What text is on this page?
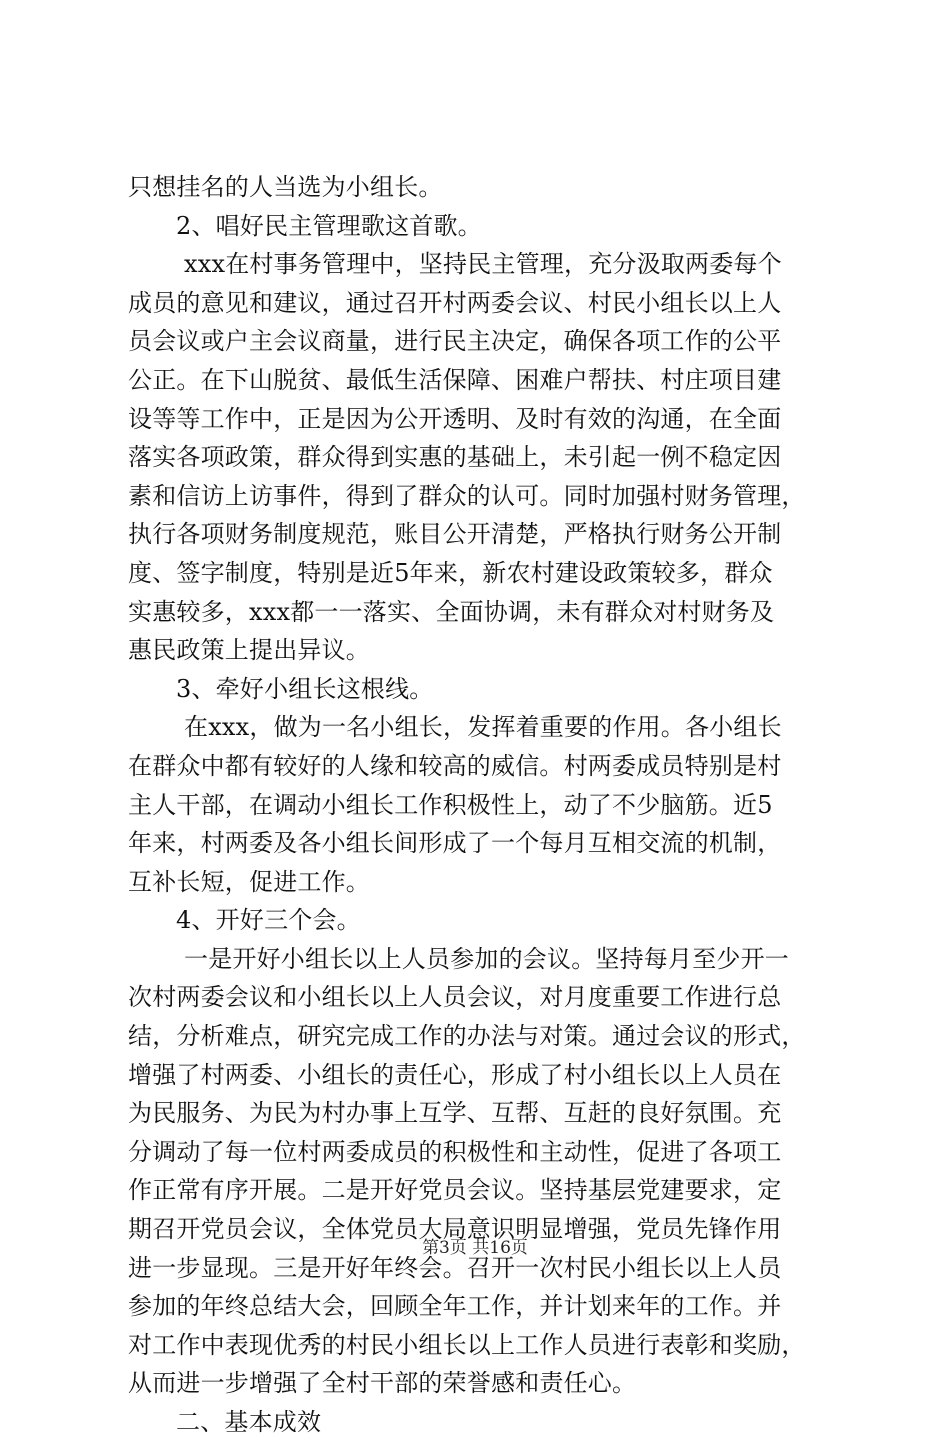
只想挂名的人当选为小组长。
2、唱好民主管理歌这首歌。
xxx在村事务管理中，坚持民主管理，充分汲取两委每个
成员的意见和建议，通过召开村两委会议、村民小组长以上人
员会议或户主会议商量，进行民主决定，确保各项工作的公平
公正。在下山脱贫、最低生活保障、困难户帮扶、村庄项目建
设等等工作中，正是因为公开透明、及时有效的沟通，在全面
落实各项政策，群众得到实惠的基础上，未引起一例不稳定因
素和信访上访事件，得到了群众的认可。同时加强村财务管理，
执行各项财务制度规范，账目公开清楚，严格执行财务公开制
度、签字制度，特别是近5年来，新农村建设政策较多，群众
实惠较多，xxx都一一落实、全面协调，未有群众对村财务及
惠民政策上提出异议。
3、牵好小组长这根线。
在xxx，做为一名小组长，发挥着重要的作用。各小组长
在群众中都有较好的人缘和较高的威信。村两委成员特别是村
主人干部，在调动小组长工作积极性上，动了不少脑筋。近5
年来，村两委及各小组长间形成了一个每月互相交流的机制，
互补长短，促进工作。
4、开好三个会。
一是开好小组长以上人员参加的会议。坚持每月至少开一
次村两委会议和小组长以上人员会议，对月度重要工作进行总
结，分析难点，研究完成工作的办法与对策。通过会议的形式，
增强了村两委、小组长的责任心，形成了村小组长以上人员在
为民服务、为民为村办事上互学、互帮、互赶的良好氛围。充
分调动了每一位村两委成员的积极性和主动性，促进了各项工
作正常有序开展。二是开好党员会议。坚持基层党建要求，定
期召开党员会议，全体党员大局意识明显增强，党员先锋作用
进一步显现。三是开好年终会。召开一次村民小组长以上人员
参加的年终总结大会，回顾全年工作，并计划来年的工作。并
对工作中表现优秀的村民小组长以上工作人员进行表彰和奖励，
从而进一步增强了全村干部的荣誉感和责任心。
二、基本成效
第3页 共16页
